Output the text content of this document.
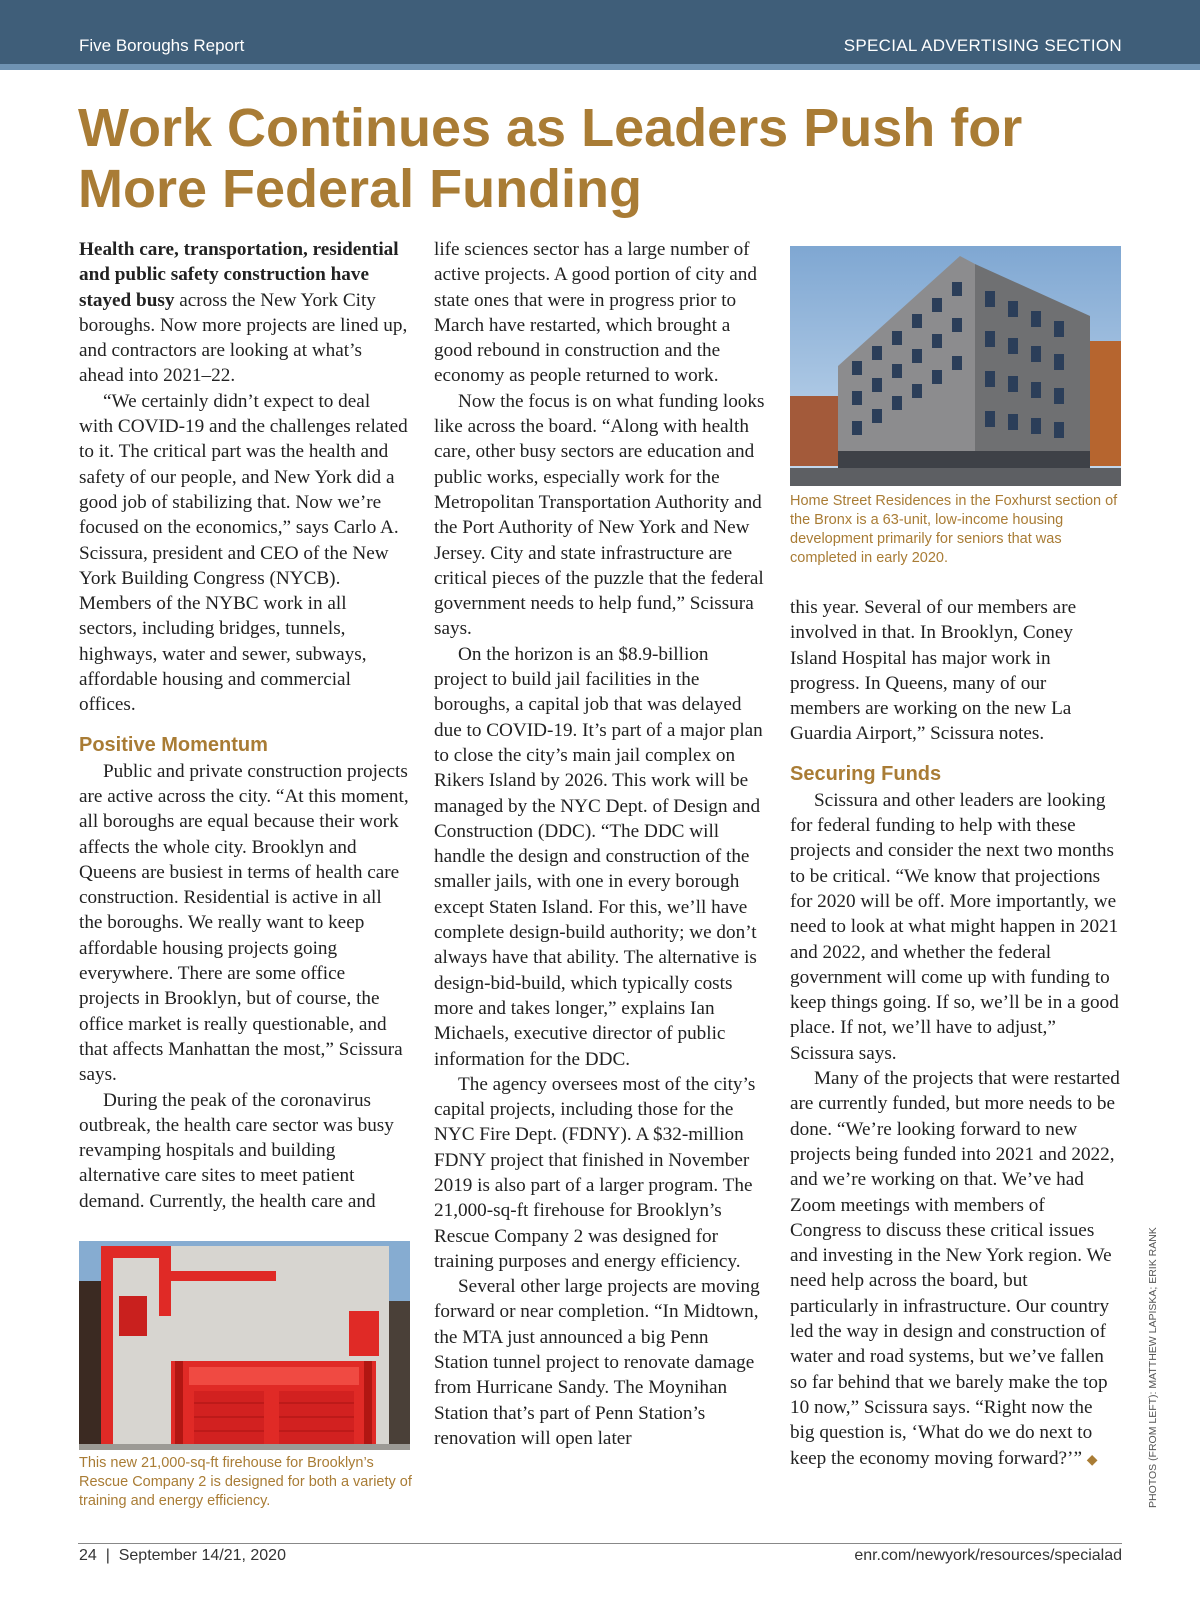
Five Boroughs Report	SPECIAL ADVERTISING SECTION
Work Continues as Leaders Push for
More Federal Funding

Health care, transportation, residential and public safety construction have stayed busy across the New York City boroughs. Now more projects are lined up, and contractors are looking at what’s ahead into 2021–22.

“We certainly didn’t expect to deal with COVID-19 and the challenges related to it. The critical part was the health and safety of our people, and New York did a good job of stabilizing that. Now we’re focused on the economics,” says Carlo A. Scissura, president and CEO of the New York Building Congress (NYCB). Members of the NYBC work in all sectors, including bridges, tunnels, highways, water and sewer, subways, affordable housing and commercial offices.

Positive Momentum

Public and private construction projects are active across the city. “At this moment, all boroughs are equal because their work affects the whole city. Brooklyn and Queens are busiest in terms of health care construction. Residential is active in all the boroughs. We really want to keep affordable housing projects going everywhere. There are some office projects in Brooklyn, but of course, the office market is really questionable, and that affects Manhattan the most,” Scissura says.

During the peak of the coronavirus outbreak, the health care sector was busy revamping hospitals and building alternative care sites to meet patient demand. Currently, the health care and

life sciences sector has a large number of active projects. A good portion of city and state ones that were in progress prior to March have restarted, which brought a good rebound in construction and the economy as people returned to work.

Now the focus is on what funding looks like across the board. “Along with health care, other busy sectors are education and public works, especially work for the Metropolitan Transportation Authority and the Port Authority of New York and New Jersey. City and state infrastructure are critical pieces of the puzzle that the federal government needs to help fund,” Scissura says.

On the horizon is an $8.9-billion project to build jail facilities in the boroughs, a capital job that was delayed due to COVID-19. It’s part of a major plan to close the city’s main jail complex on Rikers Island by 2026. This work will be managed by the NYC Dept. of Design and Construction (DDC). “The DDC will handle the design and construction of the smaller jails, with one in every borough except Staten Island. For this, we’ll have complete design-build authority; we don’t always have that ability. The alternative is design-bid-build, which typically costs more and takes longer,” explains Ian Michaels, executive director of public information for the DDC.

The agency oversees most of the city’s capital projects, including those for the NYC Fire Dept. (FDNY). A $32-million FDNY project that finished in November 2019 is also part of a larger program. The 21,000-sq-ft firehouse for Brooklyn’s Rescue Company 2 was designed for training purposes and energy efficiency.

Several other large projects are moving forward or near completion. “In Midtown, the MTA just announced a big Penn Station tunnel project to renovate damage from Hurricane Sandy. The Moynihan Station that’s part of Penn Station’s renovation will open later

Home Street Residences in the Foxhurst section of the Bronx is a 63-unit, low-income housing development primarily for seniors that was completed in early 2020.

this year. Several of our members are involved in that. In Brooklyn, Coney Island Hospital has major work in progress. In Queens, many of our members are working on the new La Guardia Airport,” Scissura notes.

Securing Funds

Scissura and other leaders are looking for federal funding to help with these projects and consider the next two months to be critical. “We know that projections for 2020 will be off. More importantly, we need to look at what might happen in 2021 and 2022, and whether the federal government will come up with funding to keep things going. If so, we’ll be in a good place. If not, we’ll have to adjust,” Scissura says.

Many of the projects that were restarted are currently funded, but more needs to be done. “We’re looking forward to new projects being funded into 2021 and 2022, and we’re working on that. We’ve had Zoom meetings with members of Congress to discuss these critical issues and investing in the New York region. We need help across the board, but particularly in infrastructure. Our country led the way in design and construction of water and road systems, but we’ve fallen so far behind that we barely make the top 10 now,” Scissura says. “Right now the big question is, ‘What do we do next to keep the economy moving forward?’” ◆

This new 21,000-sq-ft firehouse for Brooklyn’s Rescue Company 2 is designed for both a variety of training and energy efficiency.	PHOTOS (FROM LEFT): MATTHEW LAPISKA; ERIK RANK
24  |  September 14/21, 2020	enr.com/newyork/resources/specialad
